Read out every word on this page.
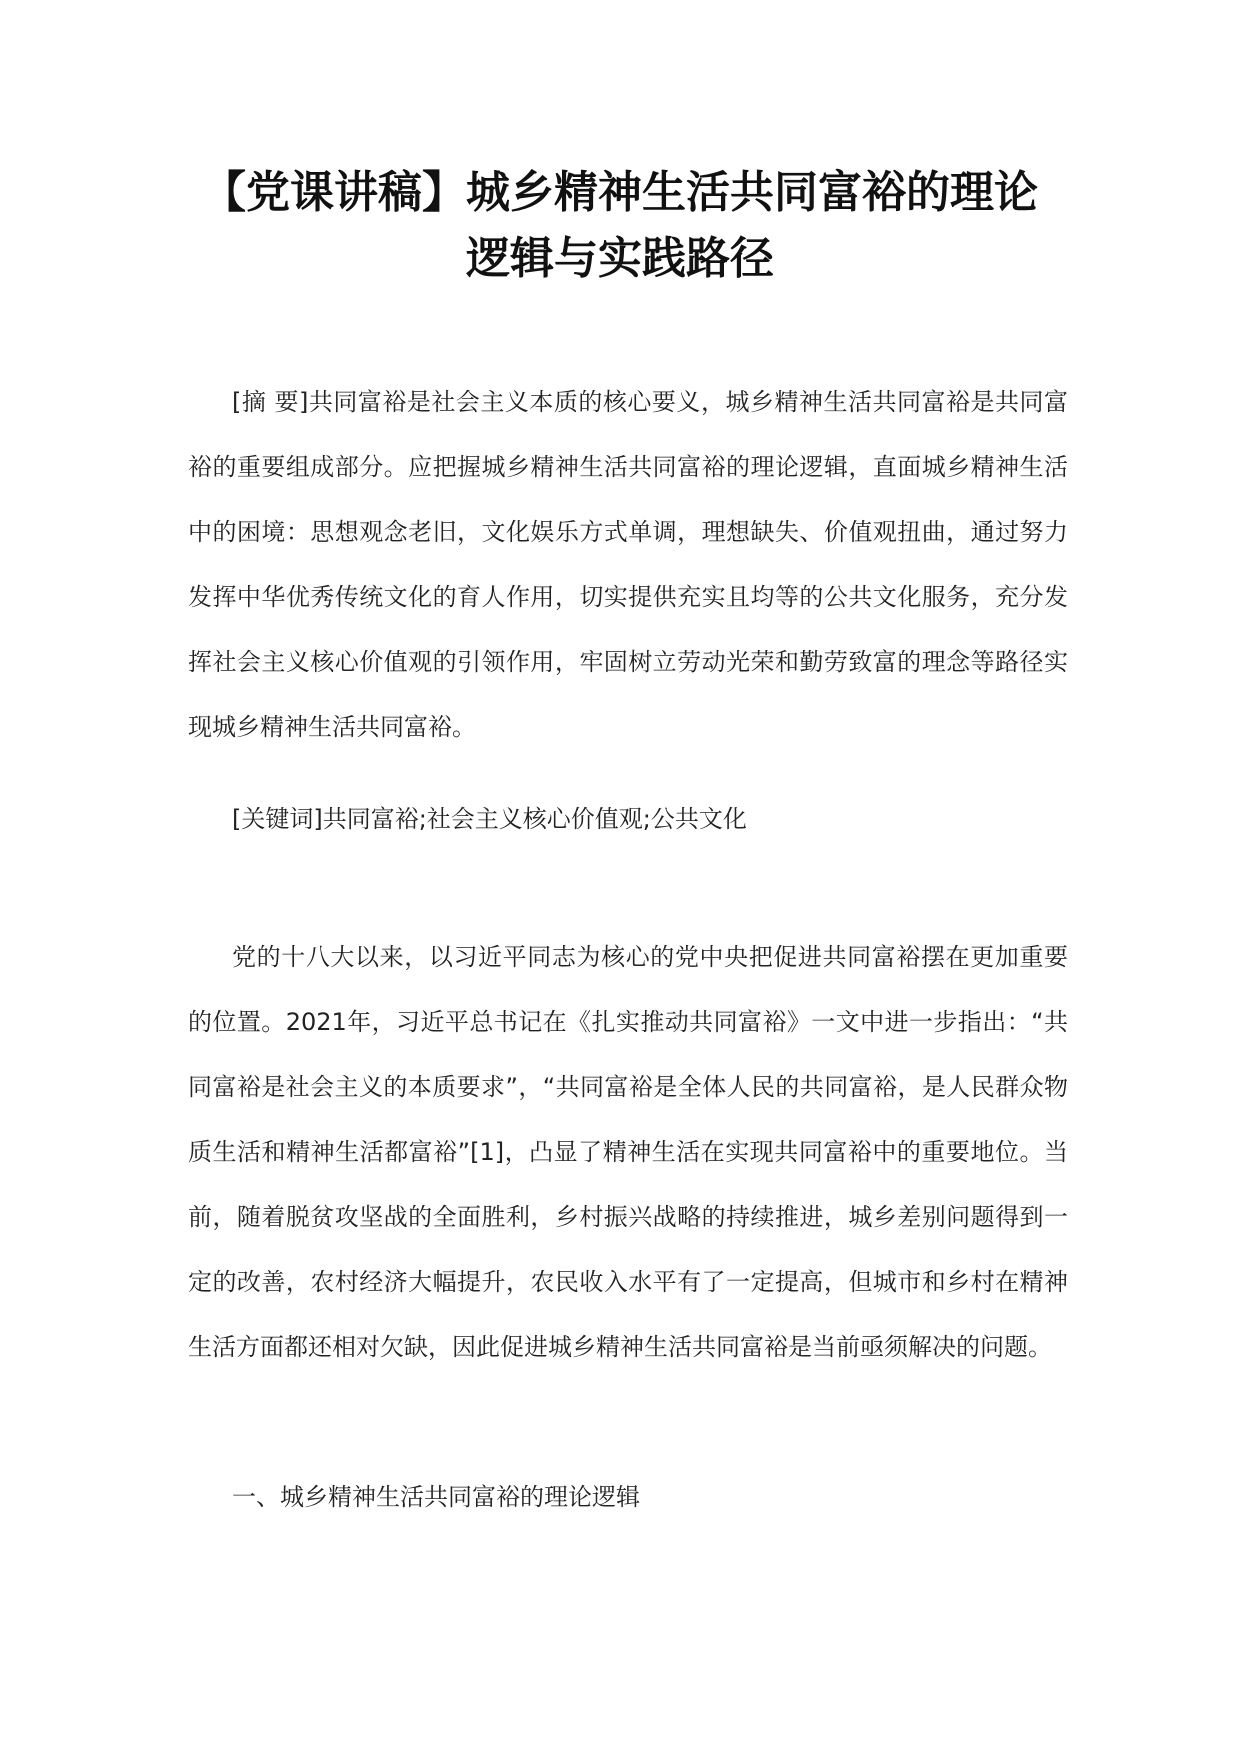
【党课讲稿】城乡精神生活共同富裕的理论
逻辑与实践路径

[摘 要]共同富裕是社会主义本质的核心要义，城乡精神生活共同富裕是共同富裕的重要组成部分。应把握城乡精神生活共同富裕的理论逻辑，直面城乡精神生活中的困境：思想观念老旧，文化娱乐方式单调，理想缺失、价值观扭曲，通过努力发挥中华优秀传统文化的育人作用，切实提供充实且均等的公共文化服务，充分发挥社会主义核心价值观的引领作用，牢固树立劳动光荣和勤劳致富的理念等路径实现城乡精神生活共同富裕。

[关键词]共同富裕;社会主义核心价值观;公共文化

党的十八大以来，以习近平同志为核心的党中央把促进共同富裕摆在更加重要的位置。2021年，习近平总书记在《扎实推动共同富裕》一文中进一步指出：“共同富裕是社会主义的本质要求”，“共同富裕是全体人民的共同富裕，是人民群众物质生活和精神生活都富裕”[1]，凸显了精神生活在实现共同富裕中的重要地位。当前，随着脱贫攻坚战的全面胜利，乡村振兴战略的持续推进，城乡差别问题得到一定的改善，农村经济大幅提升，农民收入水平有了一定提高，但城市和乡村在精神生活方面都还相对欠缺，因此促进城乡精神生活共同富裕是当前亟须解决的问题。

一、城乡精神生活共同富裕的理论逻辑
